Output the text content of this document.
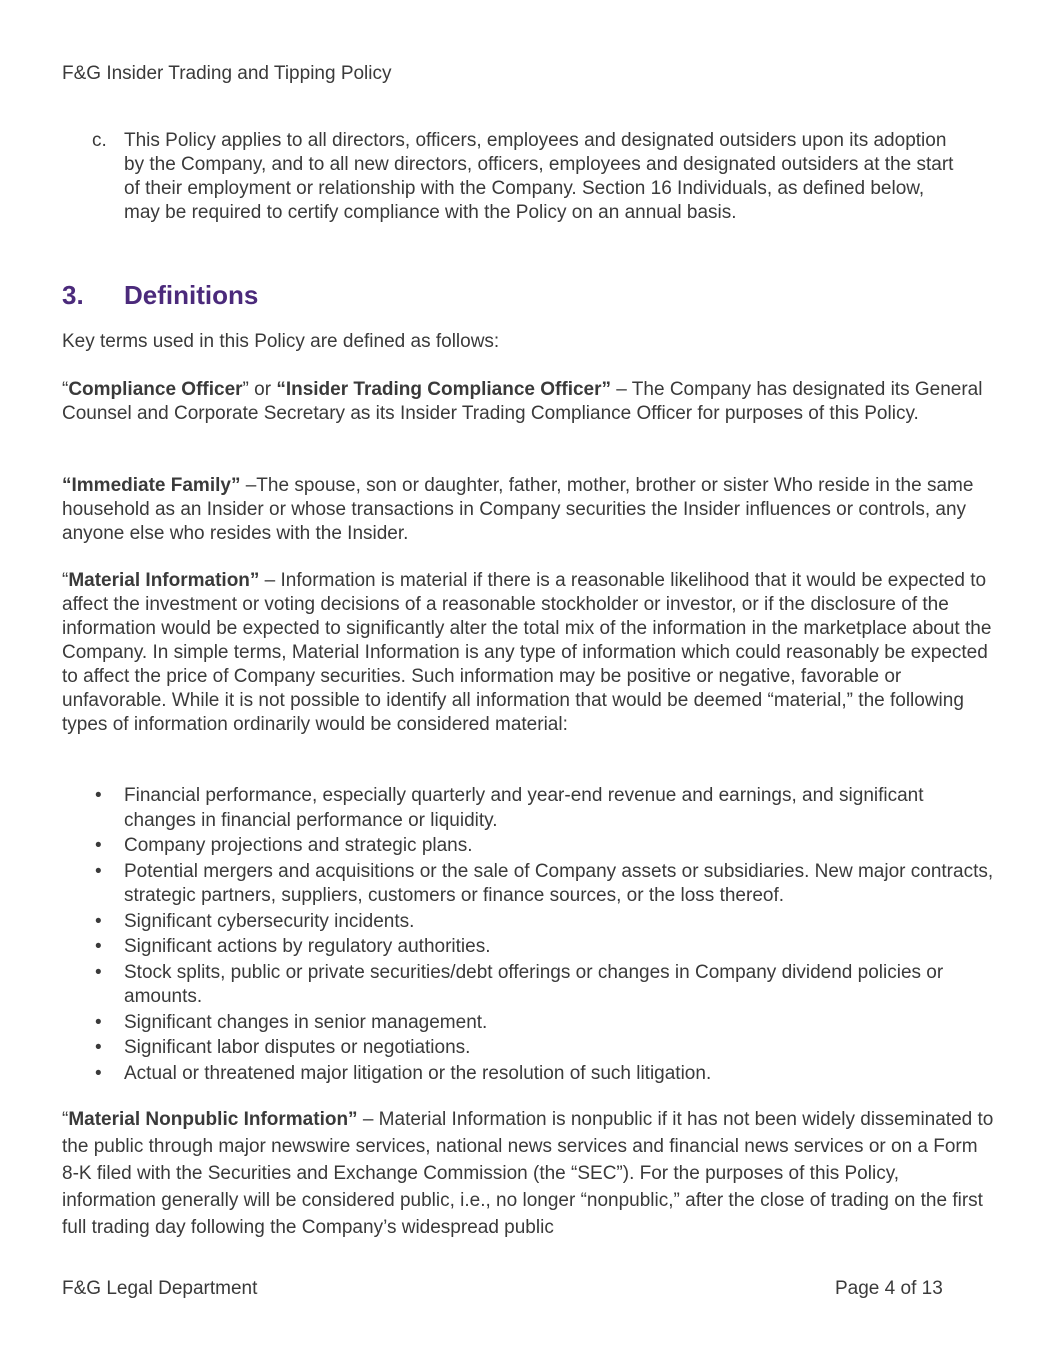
F&G Insider Trading and Tipping Policy
c. This Policy applies to all directors, officers, employees and designated outsiders upon its adoption by the Company, and to all new directors, officers, employees and designated outsiders at the start of their employment or relationship with the Company. Section 16 Individuals, as defined below, may be required to certify compliance with the Policy on an annual basis.
3. Definitions
Key terms used in this Policy are defined as follows:
“Compliance Officer” or “Insider Trading Compliance Officer” – The Company has designated its General Counsel and Corporate Secretary as its Insider Trading Compliance Officer for purposes of this Policy.
“Immediate Family” –The spouse, son or daughter, father, mother, brother or sister Who reside in the same household as an Insider or whose transactions in Company securities the Insider influences or controls, any anyone else who resides with the Insider.
“Material Information” – Information is material if there is a reasonable likelihood that it would be expected to affect the investment or voting decisions of a reasonable stockholder or investor, or if the disclosure of the information would be expected to significantly alter the total mix of the information in the marketplace about the Company. In simple terms, Material Information is any type of information which could reasonably be expected to affect the price of Company securities. Such information may be positive or negative, favorable or unfavorable. While it is not possible to identify all information that would be deemed “material,” the following types of information ordinarily would be considered material:
• Financial performance, especially quarterly and year-end revenue and earnings, and significant changes in financial performance or liquidity.
• Company projections and strategic plans.
• Potential mergers and acquisitions or the sale of Company assets or subsidiaries. New major contracts, strategic partners, suppliers, customers or finance sources, or the loss thereof.
• Significant cybersecurity incidents.
• Significant actions by regulatory authorities.
• Stock splits, public or private securities/debt offerings or changes in Company dividend policies or amounts.
• Significant changes in senior management.
• Significant labor disputes or negotiations.
• Actual or threatened major litigation or the resolution of such litigation.
“Material Nonpublic Information” – Material Information is nonpublic if it has not been widely disseminated to the public through major newswire services, national news services and financial news services or on a Form 8-K filed with the Securities and Exchange Commission (the “SEC”). For the purposes of this Policy, information generally will be considered public, i.e., no longer “nonpublic,” after the close of trading on the first full trading day following the Company’s widespread public
F&G Legal Department	Page 4 of 13
